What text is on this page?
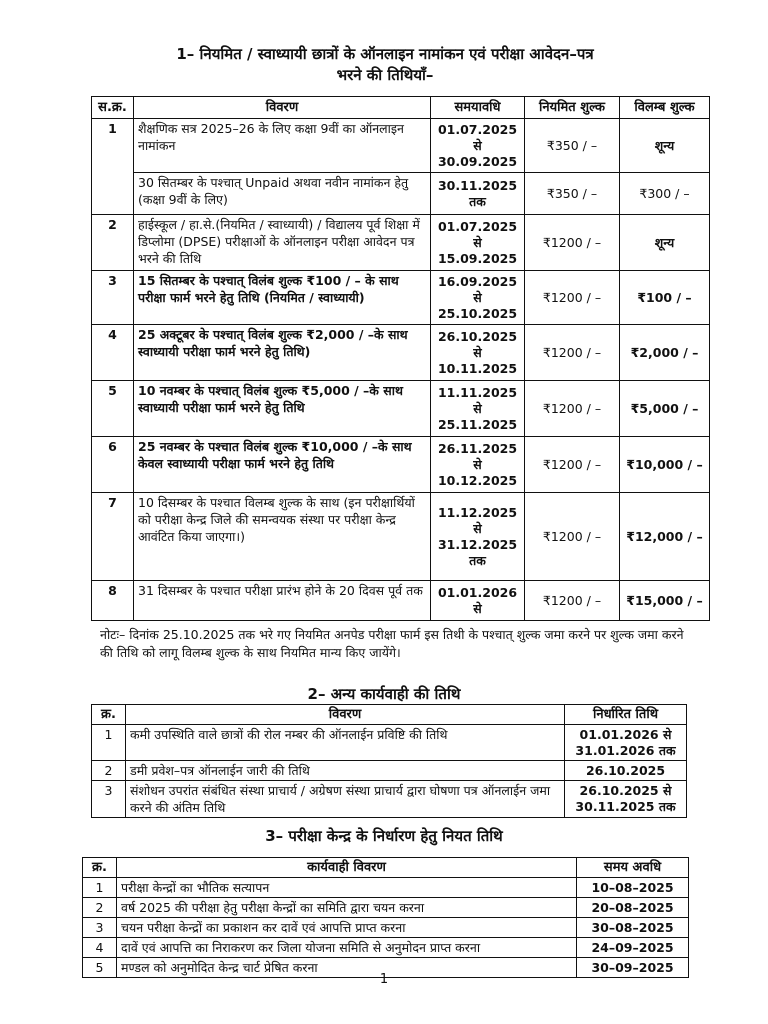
1– नियमित / स्वाध्यायी छात्रों के ऑनलाइन नामांकन एवं परीक्षा आवेदन–पत्र
भरने की तिथियाँ–
स.क्र.	विवरण	समयावधि	नियमित शुल्क	विलम्ब शुल्क
1	शैक्षणिक सत्र 2025–26 के लिए कक्षा 9वीं का ऑनलाइन नामांकन	01.07.2025
से
30.09.2025	₹350 / –	शून्य
	30 सितम्बर के पश्चात् Unpaid अथवा नवीन नामांकन हेतु (कक्षा 9वीं के लिए)	30.11.2025
तक	₹350 / –	₹300 / –
2	हाईस्कूल / हा.से.(नियमित / स्वाध्यायी) / विद्यालय पूर्व शिक्षा में डिप्लोमा (DPSE) परीक्षाओं के ऑनलाइन परीक्षा आवेदन पत्र भरने की तिथि	01.07.2025
से
15.09.2025	₹1200 / –	शून्य
3	15 सितम्बर के पश्चात् विलंब शुल्क ₹100 / – के साथ परीक्षा फार्म भरने हेतु तिथि (नियमित / स्वाध्यायी)	16.09.2025
से
25.10.2025	₹1200 / –	₹100 / –
4	25 अक्टूबर के पश्चात् विलंब शुल्क ₹2,000 / –के साथ स्वाध्यायी परीक्षा फार्म भरने हेतु तिथि)	26.10.2025
से
10.11.2025	₹1200 / –	₹2,000 / –
5	10 नवम्बर के पश्चात् विलंब शुल्क ₹5,000 / –के साथ स्वाध्यायी परीक्षा फार्म भरने हेतु तिथि	11.11.2025
से
25.11.2025	₹1200 / –	₹5,000 / –
6	25 नवम्बर के पश्चात विलंब शुल्क ₹10,000 / –के साथ केवल स्वाध्यायी परीक्षा फार्म भरने हेतु तिथि	26.11.2025
से
10.12.2025	₹1200 / –	₹10,000 / –
7	10 दिसम्बर के पश्चात विलम्ब शुल्क के साथ (इन परीक्षार्थियों को परीक्षा केन्द्र जिले की समन्वयक संस्था पर परीक्षा केन्द्र आवंटित किया जाएगा।)	11.12.2025
से
31.12.2025
तक	₹1200 / –	₹12,000 / –
8	31 दिसम्बर के पश्चात परीक्षा प्रारंभ होने के 20 दिवस पूर्व तक	01.01.2026
से	₹1200 / –	₹15,000 / –
नोटः– दिनांक 25.10.2025 तक भरे गए नियमित अनपेड परीक्षा फार्म इस तिथी के पश्चात् शुल्क जमा करने पर शुल्क जमा करने की तिथि को लागू विलम्ब शुल्क के साथ नियमित मान्य किए जायेंगे।
2– अन्य कार्यवाही की तिथि
क्र.	विवरण	निर्धारित तिथि
1	कमी उपस्थिति वाले छात्रों की रोल नम्बर की ऑनलाईन प्रविष्टि की तिथि	01.01.2026 से
31.01.2026 तक

2	डमी प्रवेश–पत्र ऑनलाईन जारी की तिथि	26.10.2025

3	संशोधन उपरांत संबंधित संस्था प्राचार्य / अग्रेषण संस्था प्राचार्य द्वारा घोषणा पत्र ऑनलाईन जमा करने की अंतिम तिथि	26.10.2025 से
30.11.2025 तक
3– परीक्षा केन्द्र के निर्धारण हेतु नियत तिथि
क्र.	कार्यवाही विवरण	समय अवधि
1	परीक्षा केन्द्रों का भौतिक सत्यापन	10–08–2025
2	वर्ष 2025 की परीक्षा हेतु परीक्षा केन्द्रों का समिति द्वारा चयन करना	20–08–2025
3	चयन परीक्षा केन्द्रों का प्रकाशन कर दावें एवं आपत्ति प्राप्त करना	30–08–2025
4	दावें एवं आपत्ति का निराकरण कर जिला योजना समिति से अनुमोदन प्राप्त करना	24–09–2025
5	मण्डल को अनुमोदित केन्द्र चार्ट प्रेषित करना	30–09–2025
1
